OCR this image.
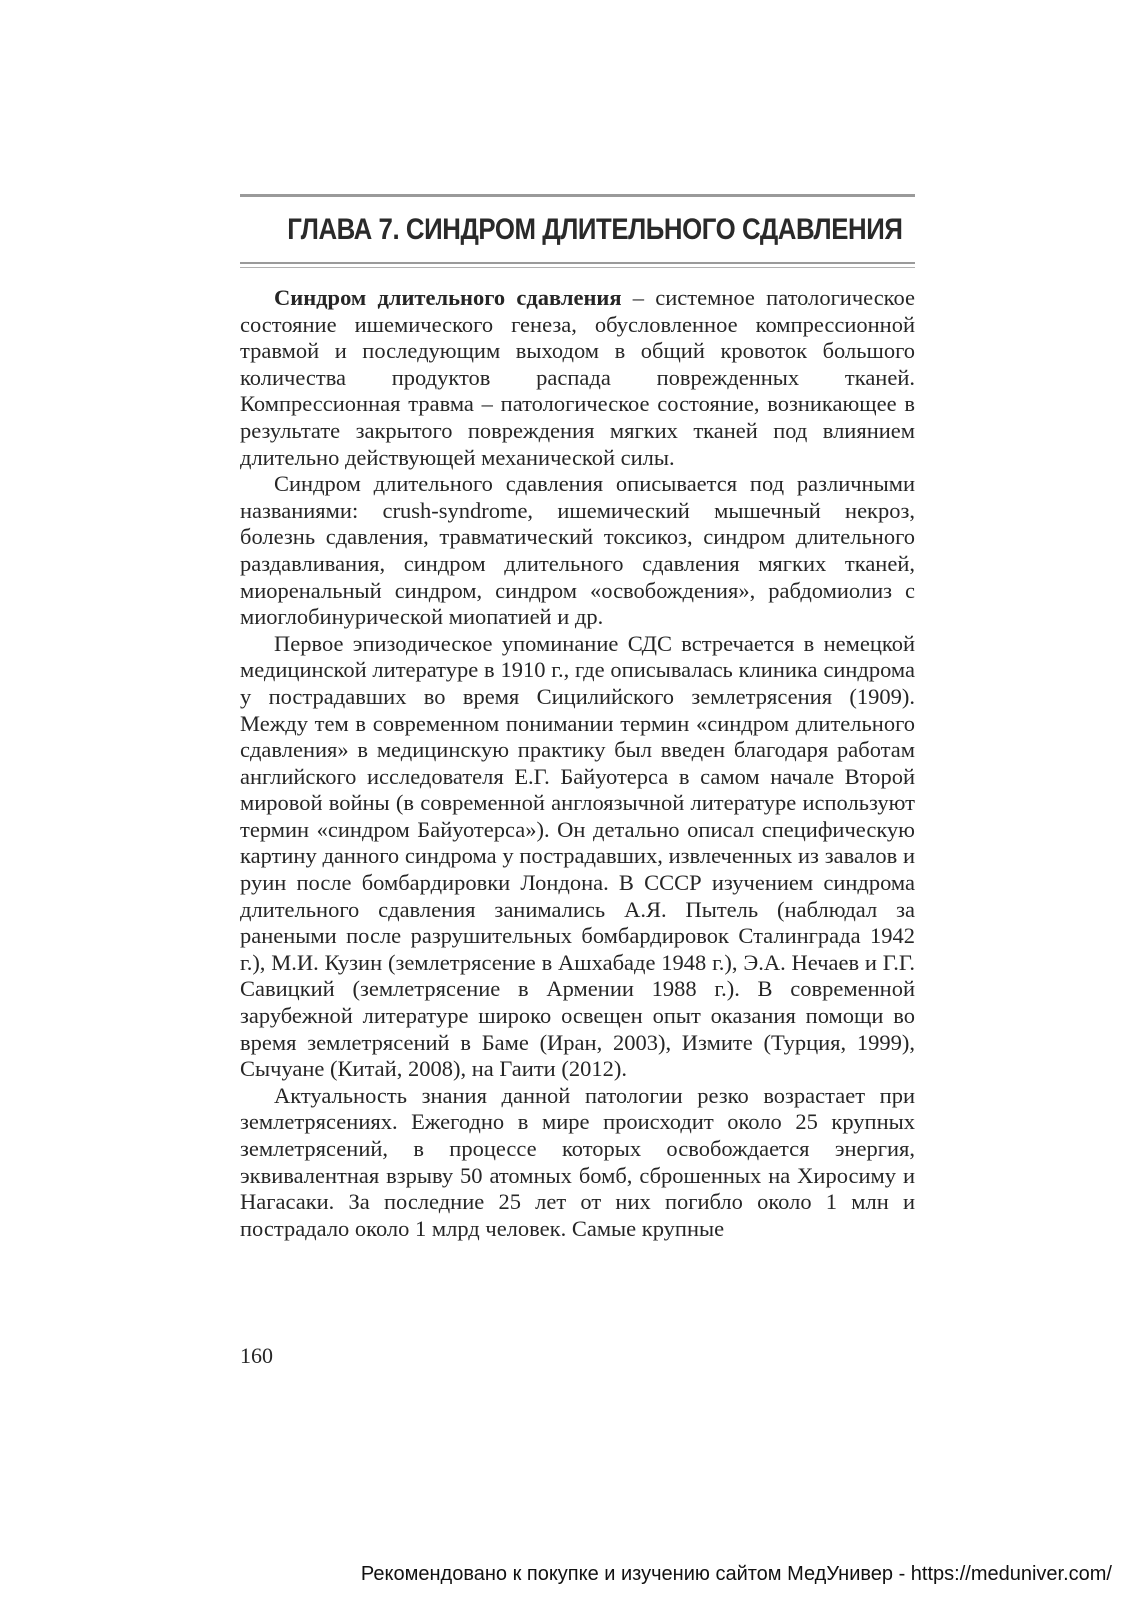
ГЛАВА 7. СИНДРОМ ДЛИТЕЛЬНОГО СДАВЛЕНИЯ

Синдром длительного сдавления – системное патологическое состояние ишемического генеза, обусловленное компрессионной травмой и последующим выходом в общий кровоток большого количества продуктов распада поврежденных тканей. Компрессионная травма – патологическое состояние, возникающее в результате закрытого повреждения мягких тканей под влиянием длительно действующей механической силы.

Синдром длительного сдавления описывается под различными названиями: crush-syndrome, ишемический мышечный некроз, болезнь сдавления, травматический токсикоз, синдром длительного раздавливания, синдром длительного сдавления мягких тканей, миоренальный синдром, синдром «освобождения», рабдомиолиз с миоглобинурической миопатией и др.

Первое эпизодическое упоминание СДС встречается в немецкой медицинской литературе в 1910 г., где описывалась клиника синдрома у пострадавших во время Сицилийского землетрясения (1909). Между тем в современном понимании термин «синдром длительного сдавления» в медицинскую практику был введен благодаря работам английского исследователя Е.Г. Байуотерса в самом начале Второй мировой войны (в современной англоязычной литературе используют термин «синдром Байуотерса»). Он детально описал специфическую картину данного синдрома у пострадавших, извлеченных из завалов и руин после бомбардировки Лондона. В СССР изучением синдрома длительного сдавления занимались А.Я. Пытель (наблюдал за ранеными после разрушительных бомбардировок Сталинграда 1942 г.), М.И. Кузин (землетрясение в Ашхабаде 1948 г.), Э.А. Нечаев и Г.Г. Савицкий (землетрясение в Армении 1988 г.). В современной зарубежной литературе широко освещен опыт оказания помощи во время землетрясений в Баме (Иран, 2003), Измите (Турция, 1999), Сычуане (Китай, 2008), на Гаити (2012).

Актуальность знания данной патологии резко возрастает при землетрясениях. Ежегодно в мире происходит около 25 крупных землетрясений, в процессе которых освобождается энергия, эквивалентная взрыву 50 атомных бомб, сброшенных на Хиросиму и Нагасаки. За последние 25 лет от них погибло около 1 млн и пострадало около 1 млрд человек. Самые крупные

160
Рекомендовано к покупке и изучению сайтом МедУнивер - https://meduniver.com/
